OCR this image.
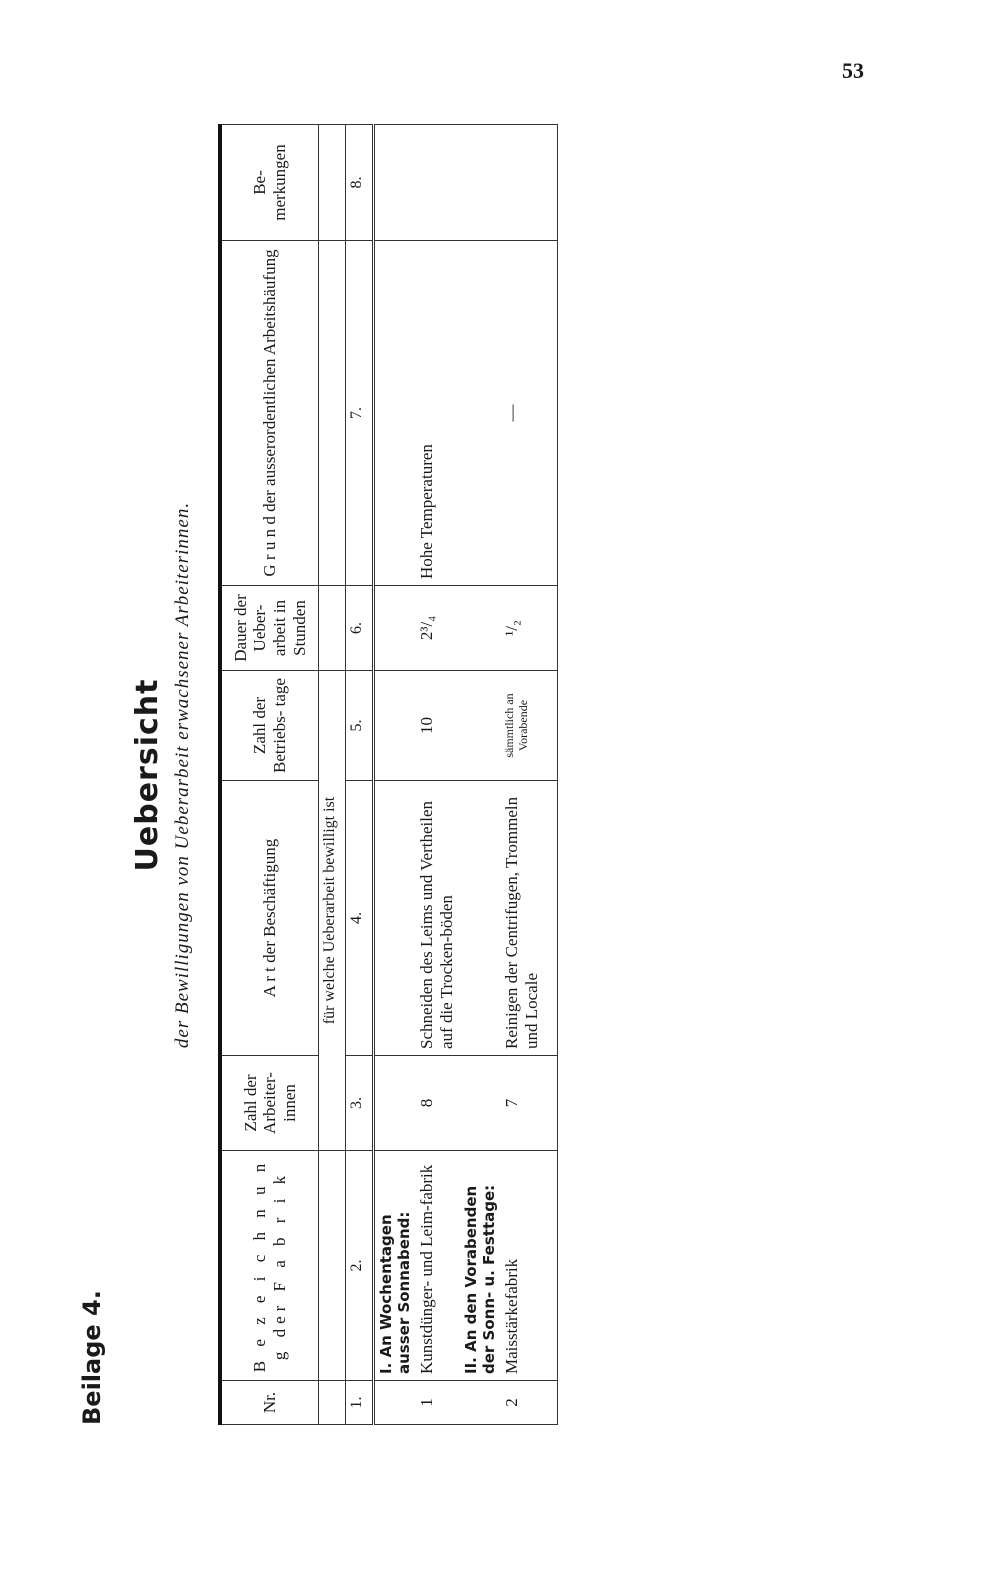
53
Beilage 4.
Uebersicht der Bewilligungen von Ueberarbeit erwachsener Arbeiterinnen.
Nr.	B e z e i c h n u n g der F a b r i k	Zahl der Arbeiter- innen	A r t der Beschäftigung	Zahl der Betriebs- tage	Dauer der Ueber- arbeit in Stunden	G r u n d der ausserordentlichen Arbeitshäufung	Be- merkungen
		für welche Ueberarbeit bewilligt ist					
1.	2.	3.	4.	5.	6.	7.	8.
	I. An Wochentagen ausser Sonnabend:						
1	Kunstdünger- und Leim-fabrik	8	Schneiden des Leims und Vertheilen auf die Trocken-böden	10	2³/₄	Hohe Temperaturen	
	II. An den Vorabenden der Sonn- u. Festtage:						
2	Maisstärkefabrik	7	Reinigen der Centrifugen, Trommeln und Locale	sämmtlich an Vorabende	¹/₂	—	
